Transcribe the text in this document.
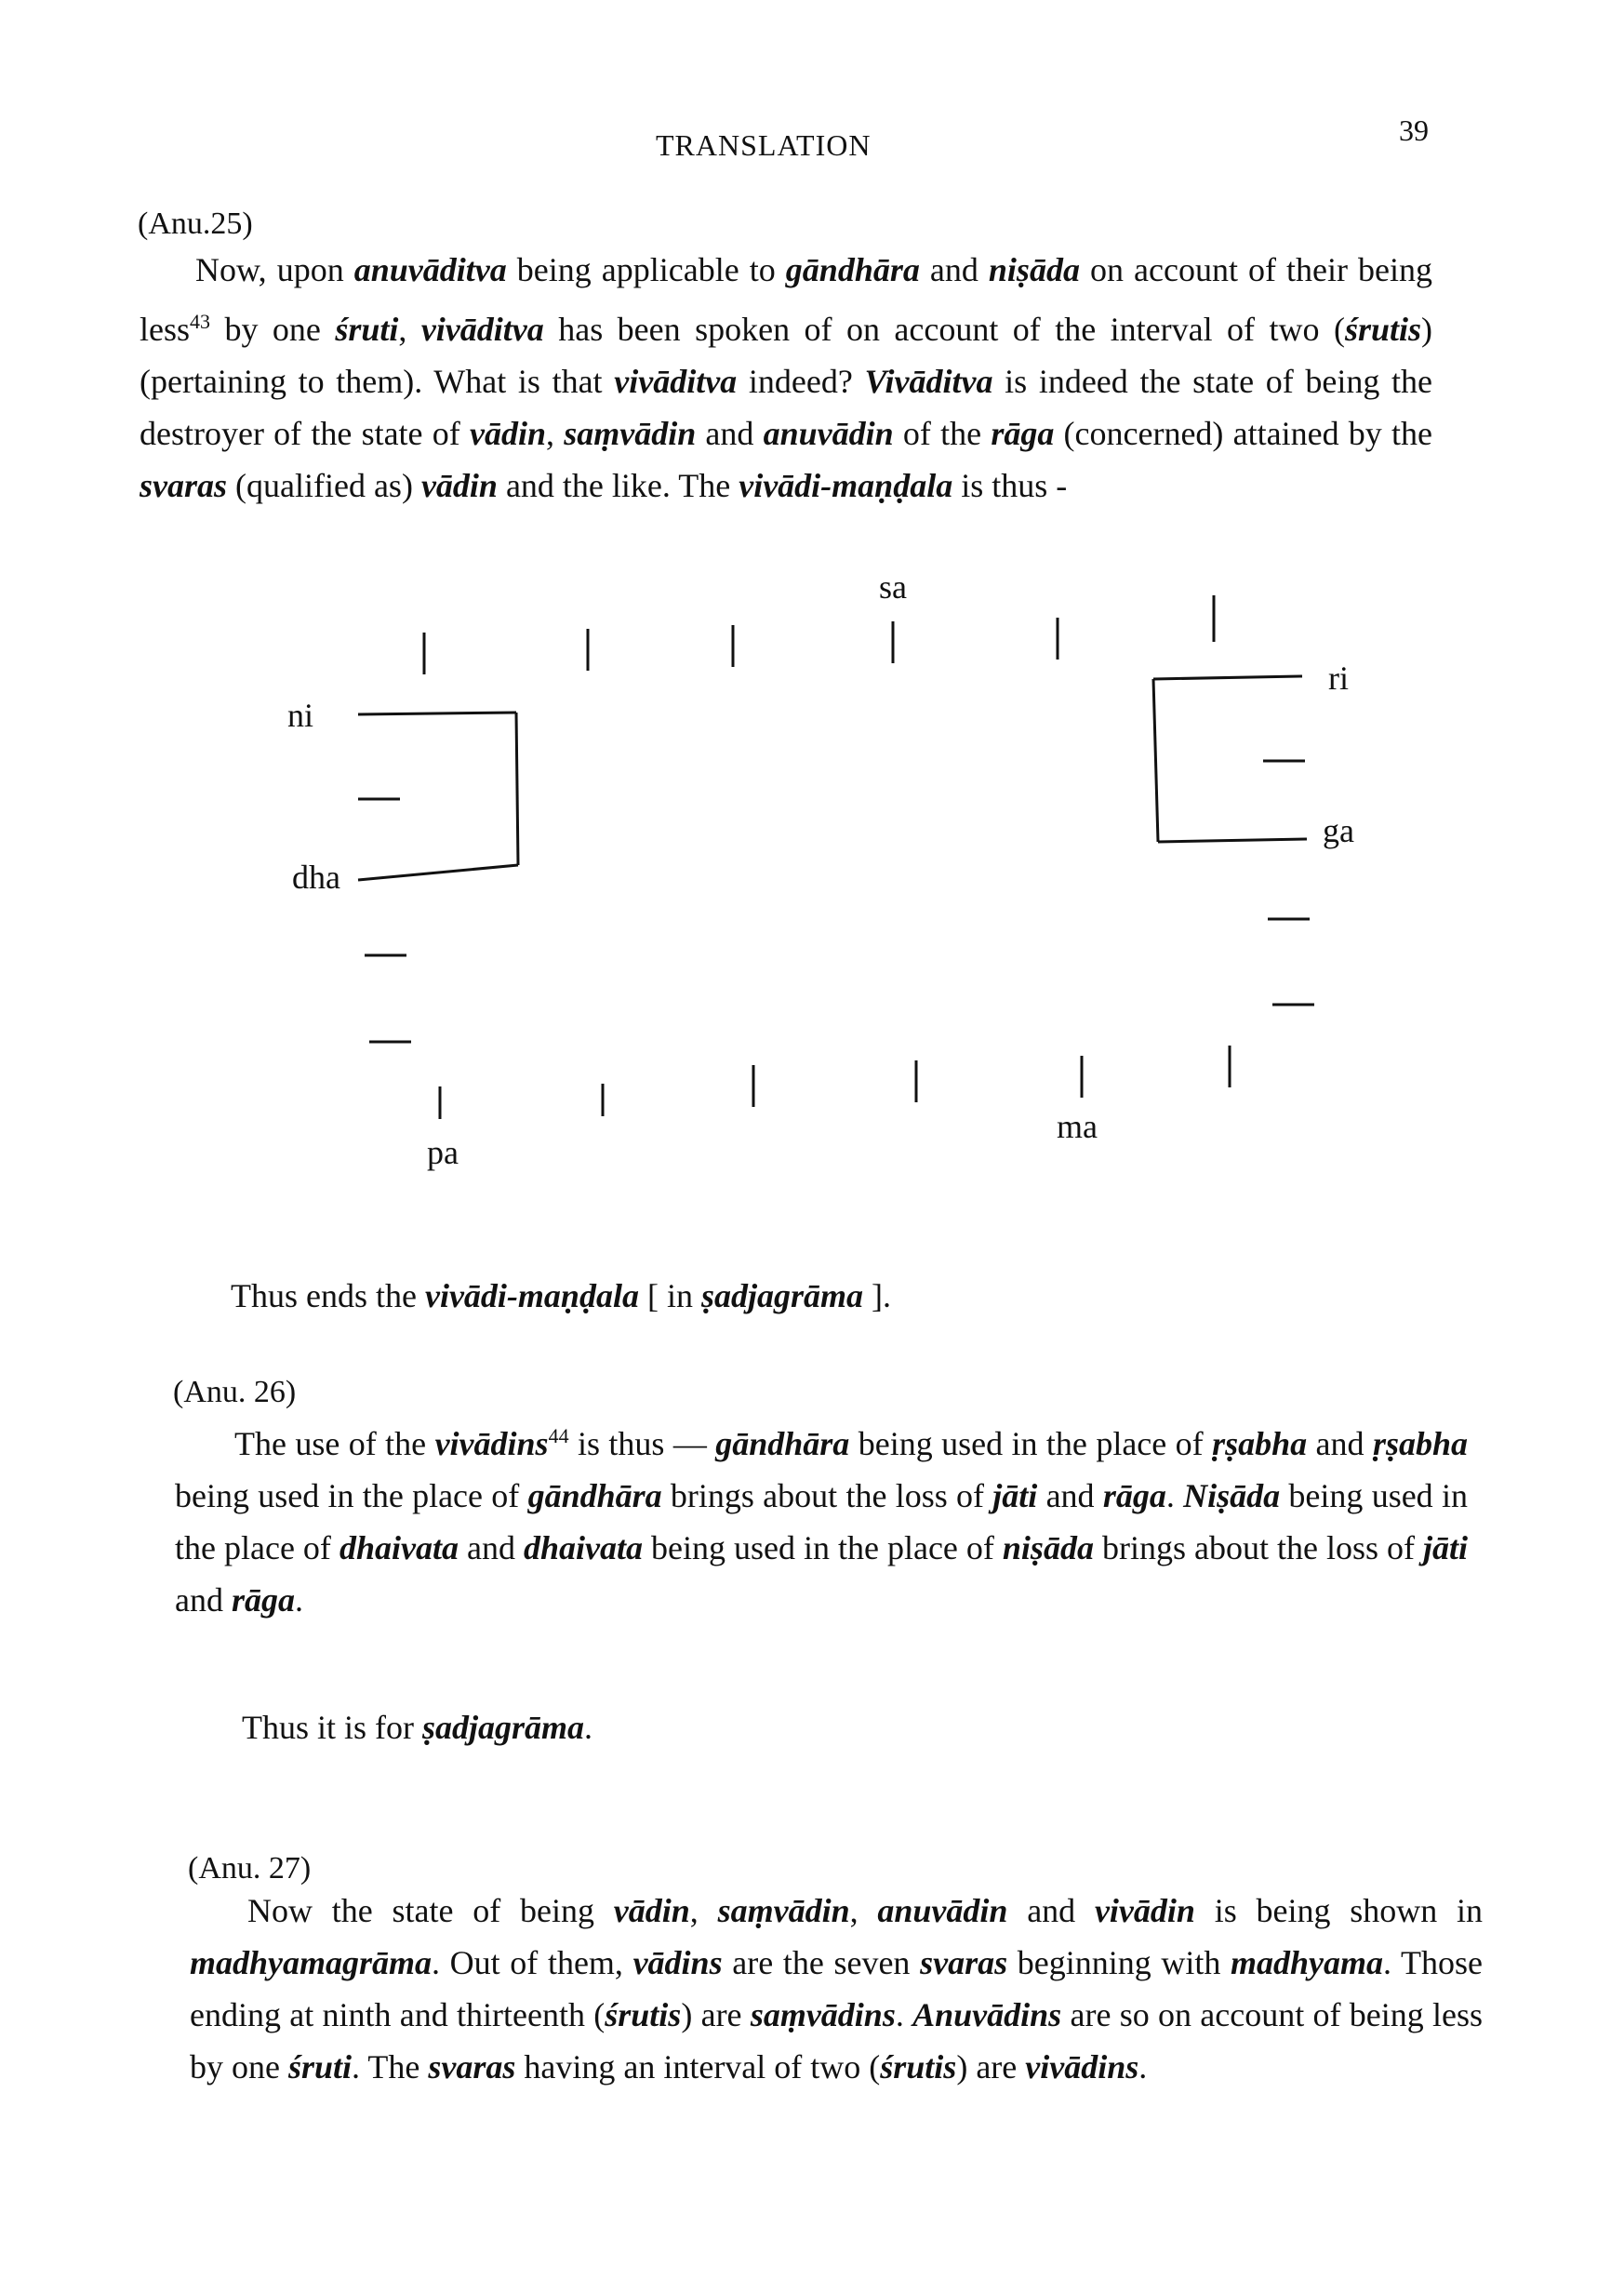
TRANSLATION	39
(Anu.25)
Now, upon anuvāditva being applicable to gāndhāra and niṣāda on account of their being less$^{43}$ by one śruti, vivāditva has been spoken of on account of the interval of two (śrutis) (pertaining to them). What is that vivāditva indeed? Vivāditva is indeed the state of being the destroyer of the state of vādin, saṃvādin and anuvādin of the rāga (concerned) attained by the svaras (qualified as) vādin and the like. The vivādi-maṇḍala is thus -
sa
ri
ga
ma
pa
dha
ni
Thus ends the vivādi-maṇḍala [ in ṣadjagrāma ].
(Anu. 26)
The use of the vivādins$^{44}$ is thus — gāndhāra being used in the place of ṛṣabha and ṛṣabha being used in the place of gāndhāra brings about the loss of jāti and rāga. Niṣāda being used in the place of dhaivata and dhaivata being used in the place of niṣāda brings about the loss of jāti and rāga.
Thus it is for ṣadjagrāma.
(Anu. 27)
Now the state of being vādin, saṃvādin, anuvādin and vivādin is being shown in madhyamagrāma. Out of them, vādins are the seven svaras beginning with madhyama. Those ending at ninth and thirteenth (śrutis) are saṃvādins. Anuvādins are so on account of being less by one śruti. The svaras having an interval of two (śrutis) are vivādins.
